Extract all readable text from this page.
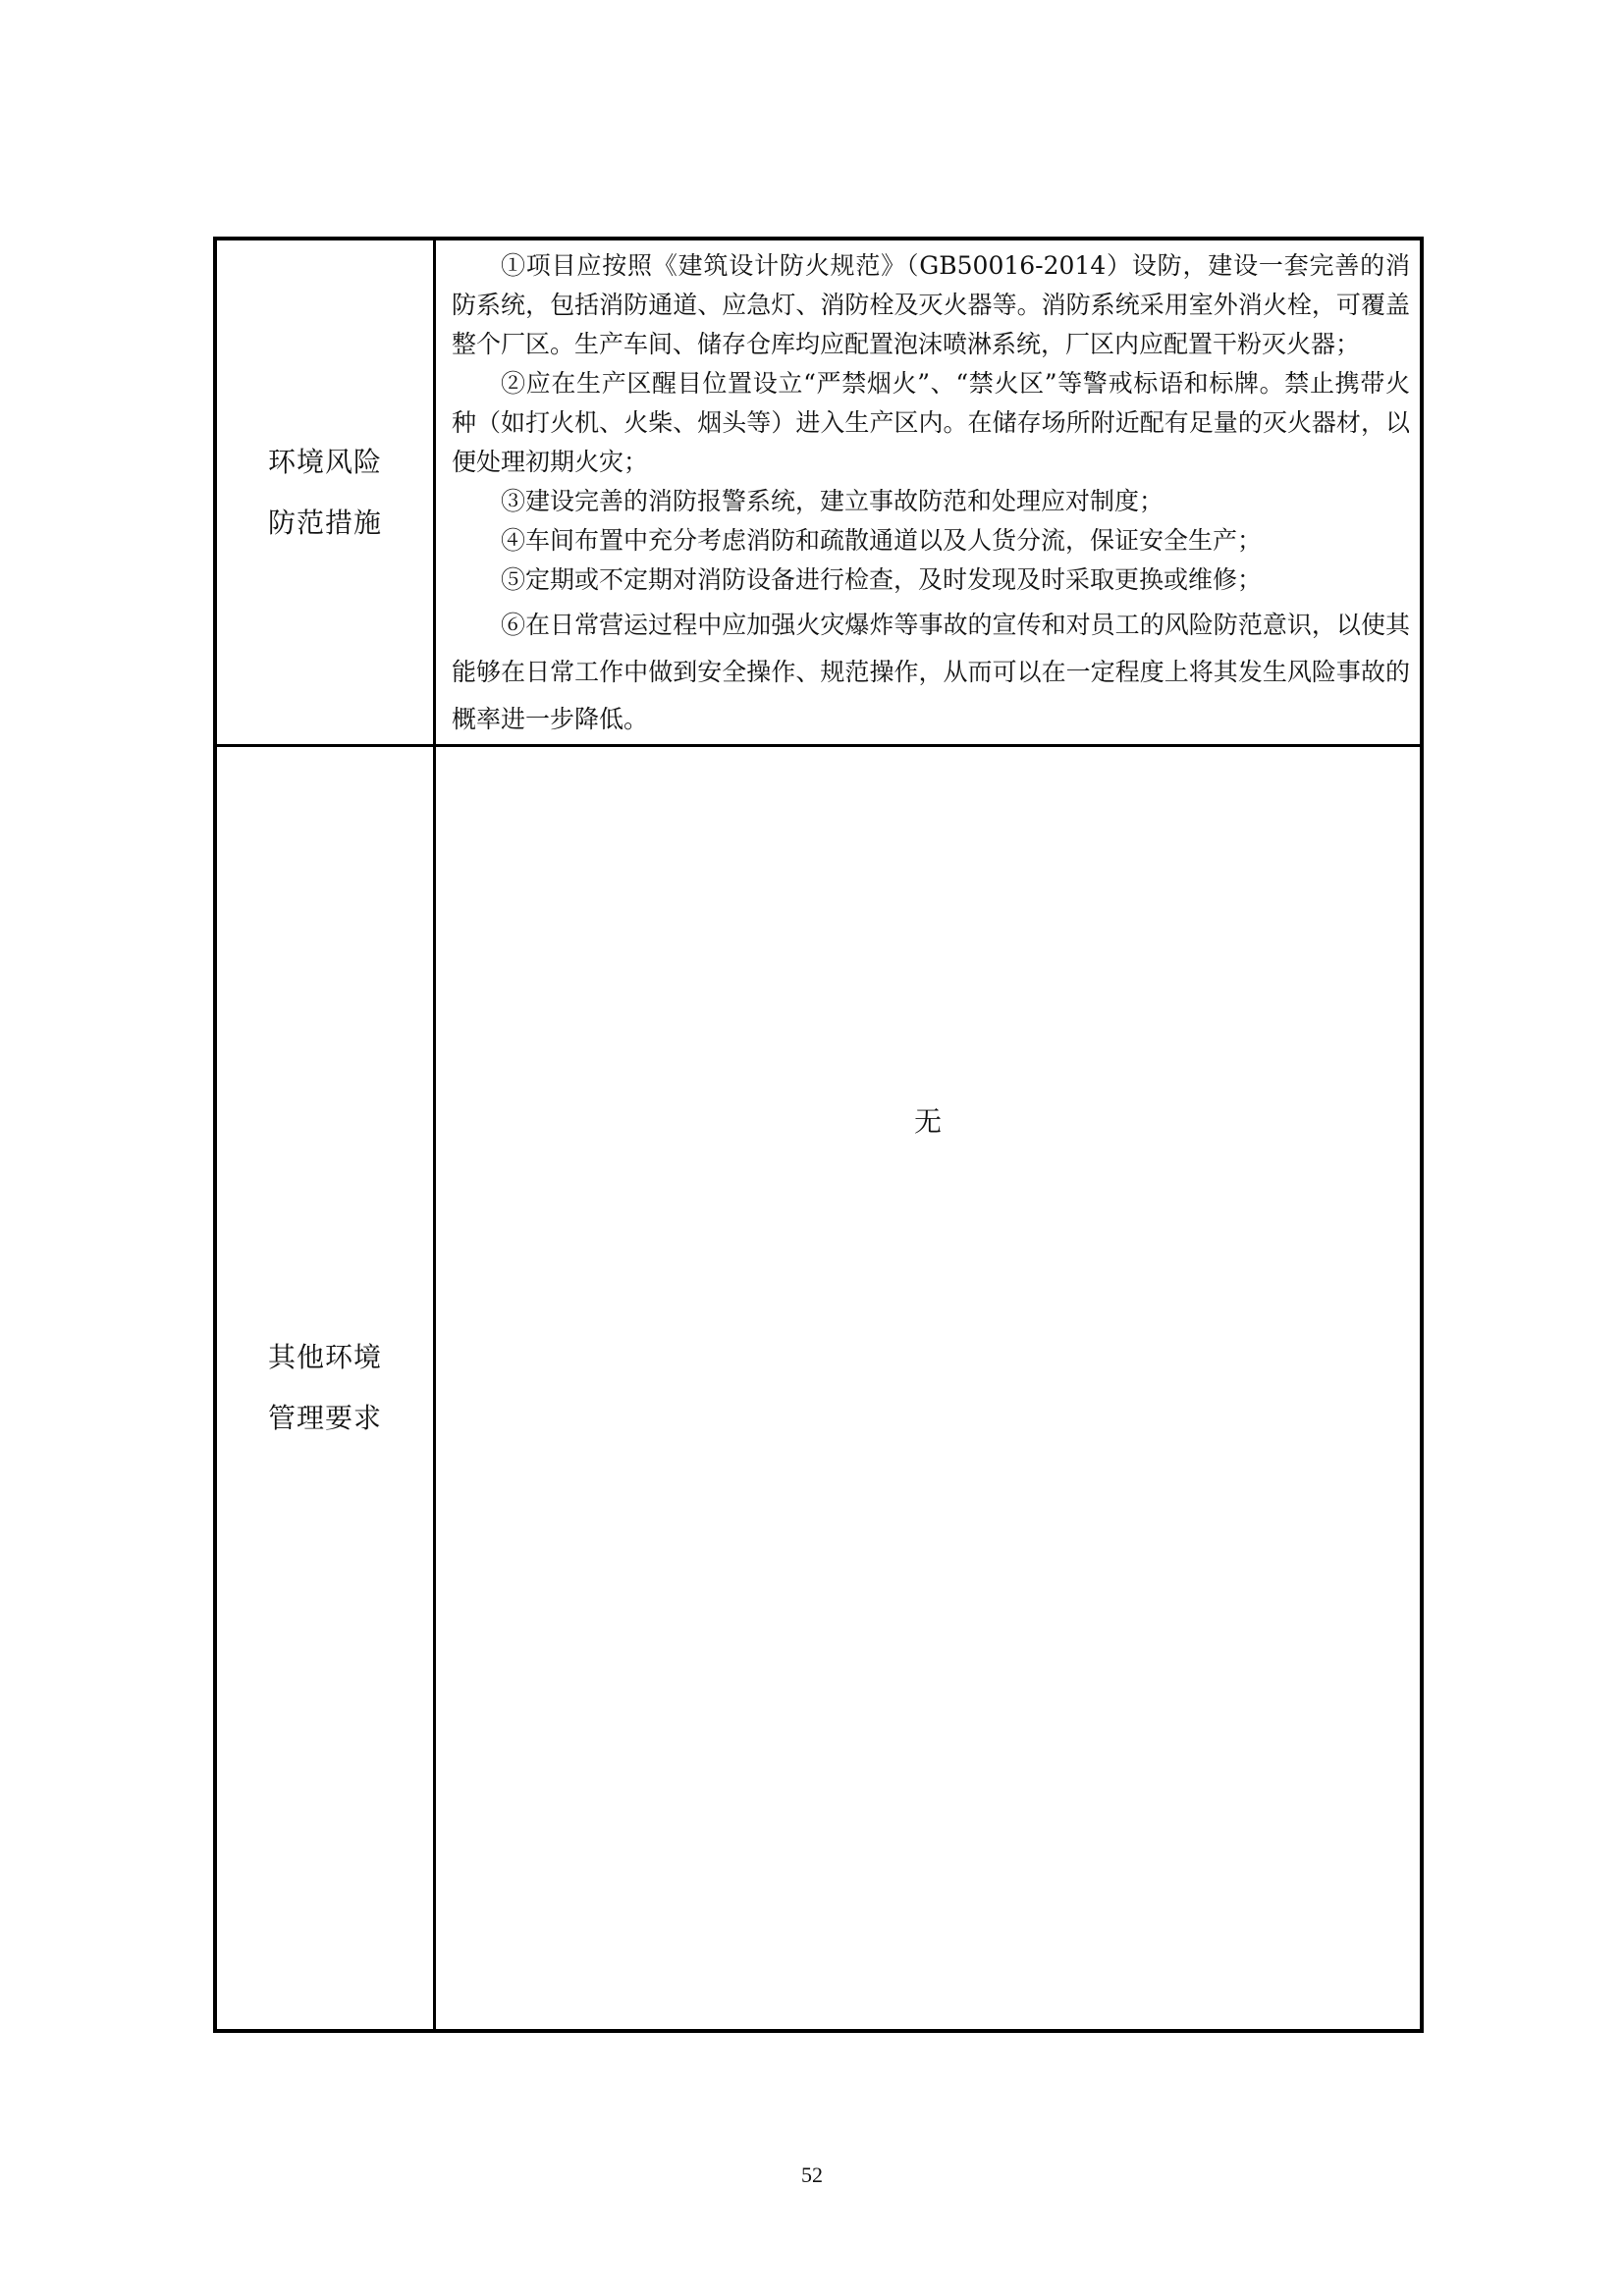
环境风险
防范措施

①项目应按照《建筑设计防火规范》（GB50016-2014）设防，建设一套完善的消防系统，包括消防通道、应急灯、消防栓及灭火器等。消防系统采用室外消火栓，可覆盖整个厂区。生产车间、储存仓库均应配置泡沫喷淋系统，厂区内应配置干粉灭火器；

②应在生产区醒目位置设立“严禁烟火”、“禁火区”等警戒标语和标牌。禁止携带火种（如打火机、火柴、烟头等）进入生产区内。在储存场所附近配有足量的灭火器材，以便处理初期火灾；

③建设完善的消防报警系统，建立事故防范和处理应对制度；

④车间布置中充分考虑消防和疏散通道以及人货分流，保证安全生产；

⑤定期或不定期对消防设备进行检查，及时发现及时采取更换或维修；

⑥在日常营运过程中应加强火灾爆炸等事故的宣传和对员工的风险防范意识，以使其能够在日常工作中做到安全操作、规范操作，从而可以在一定程度上将其发生风险事故的概率进一步降低。

其他环境
管理要求
无
52
